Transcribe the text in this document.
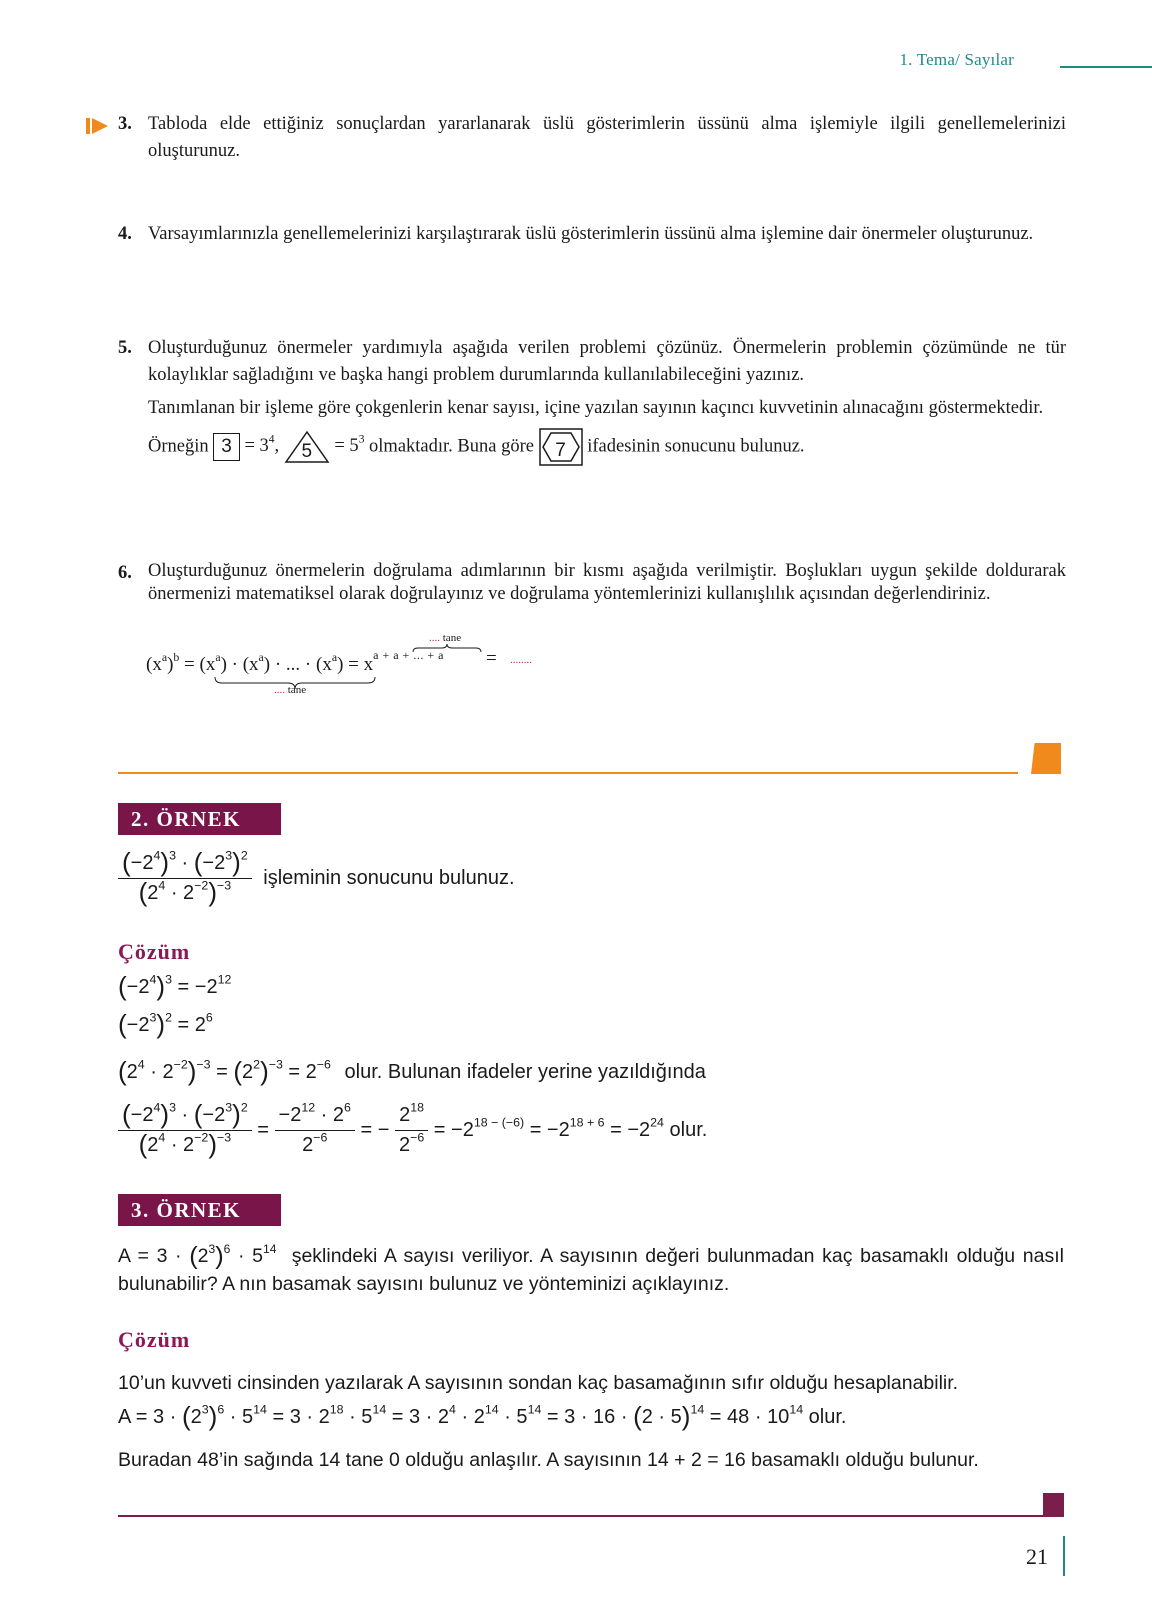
1. Tema/ Sayılar
3. Tabloda elde ettiğiniz sonuçlardan yararlanarak üslü gösterimlerin üssünü alma işlemiyle ilgili genellemelerinizi oluşturunuz.
4. Varsayımlarınızla genellemelerinizi karşılaştırarak üslü gösterimlerin üssünü alma işlemine dair önermeler oluşturunuz.
5. Oluşturduğunuz önermeler yardımıyla aşağıda verilen problemi çözünüz. Önermelerin problemin çözümünde ne tür kolaylıklar sağladığını ve başka hangi problem durumlarında kullanılabileceğini yazınız.
Tanımlanan bir işleme göre çokgenlerin kenar sayısı, içine yazılan sayının kaçıncı kuvvetinin alınacağını göstermektedir.
Örneğin $3 = 3^4$,	5	= $5^3$ olmaktadır. Buna göre	7	ifadesinin sonucunu bulunuz.
6. Oluşturduğunuz önermelerin doğrulama adımlarının bir kısmı aşağıda verilmiştir. Boşlukları uygun şekilde doldurarak önermenizi matematiksel olarak doğrulayınız ve doğrulama yöntemlerinizi kullanışlılık açısından değerlendiriniz.
$(x^a)^b = (x^a) \cdot (x^a)$ · ... · $(x^a) = x^{a + a + ... + a}$ = ........
.... tane
.... tane
2. ÖRNEK
$\frac{(-2^4)^3 \cdot (-2^3)^2}{(2^4 \cdot 2^{-2})^{-3}}$ işleminin sonucunu bulunuz.
Çözüm
$(-2^4)^3 = -2^{12}$
$(-2^3)^2 = 2^6$
$(2^4 \cdot 2^{-2})^{-3} = (2^2)^{-3} = 2^{-6}$ olur. Bulunan ifadeler yerine yazıldığında
$\frac{(-2^4)^3 \cdot (-2^3)^2}{(2^4 \cdot 2^{-2})^{-3}} = \frac{-2^{12} \cdot 2^6}{2^{-6}}$ = − $\frac{2^{18}}{2^{-6}} = -2^{18 - (-6)} = -2^{18 + 6} = -2^{24}$ olur.
3. ÖRNEK
$A = 3 \cdot (2^3)^6 \cdot 5^{14}$ şeklindeki A sayısı veriliyor. A sayısının değeri bulunmadan kaç basamaklı olduğu nasıl bulunabilir? A nın basamak sayısını bulunuz ve yönteminizi açıklayınız.
Çözüm
10’un kuvveti cinsinden yazılarak A sayısının sondan kaç basamağının sıfır olduğu hesaplanabilir.
$A = 3 \cdot (2^3)^6 \cdot 5^{14} = 3 \cdot 2^{18} \cdot 5^{14} = 3 \cdot 2^4 \cdot 2^{14} \cdot 5^{14} = 3 \cdot 16 \cdot (2 \cdot 5)^{14} = 48 \cdot 10^{14}$ olur.
Buradan 48’in sağında 14 tane 0 olduğu anlaşılır. A sayısının 14 + 2 = 16 basamaklı olduğu bulunur.
21
